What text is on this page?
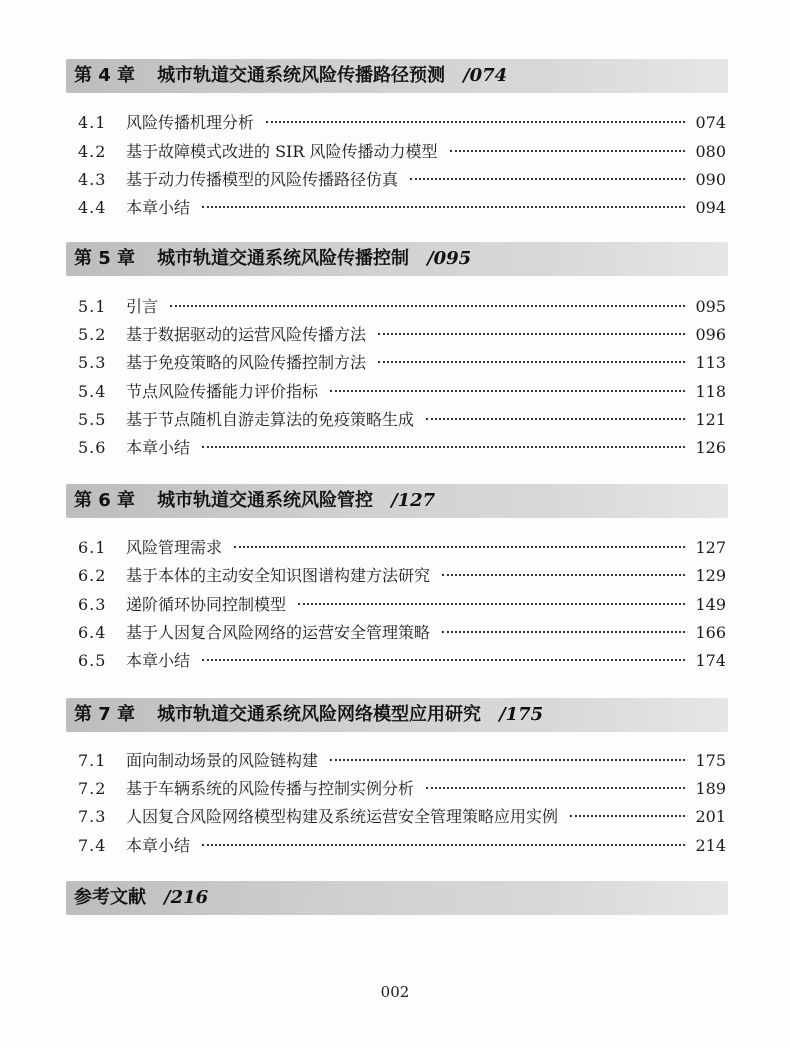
第 4 章 城市轨道交通系统风险传播路径预测 /074
4.1	风险传播机理分析	074
4.2	基于故障模式改进的 SIR 风险传播动力模型	080
4.3	基于动力传播模型的风险传播路径仿真	090
4.4	本章小结	094
第 5 章 城市轨道交通系统风险传播控制 /095
5.1	引言	095
5.2	基于数据驱动的运营风险传播方法	096
5.3	基于免疫策略的风险传播控制方法	113
5.4	节点风险传播能力评价指标	118
5.5	基于节点随机自游走算法的免疫策略生成	121
5.6	本章小结	126
第 6 章 城市轨道交通系统风险管控 /127
6.1	风险管理需求	127
6.2	基于本体的主动安全知识图谱构建方法研究	129
6.3	递阶循环协同控制模型	149
6.4	基于人因复合风险网络的运营安全管理策略	166
6.5	本章小结	174
第 7 章 城市轨道交通系统风险网络模型应用研究 /175
7.1	面向制动场景的风险链构建	175
7.2	基于车辆系统的风险传播与控制实例分析	189
7.3	人因复合风险网络模型构建及系统运营安全管理策略应用实例	201
7.4	本章小结	214
参考文献 /216
002
